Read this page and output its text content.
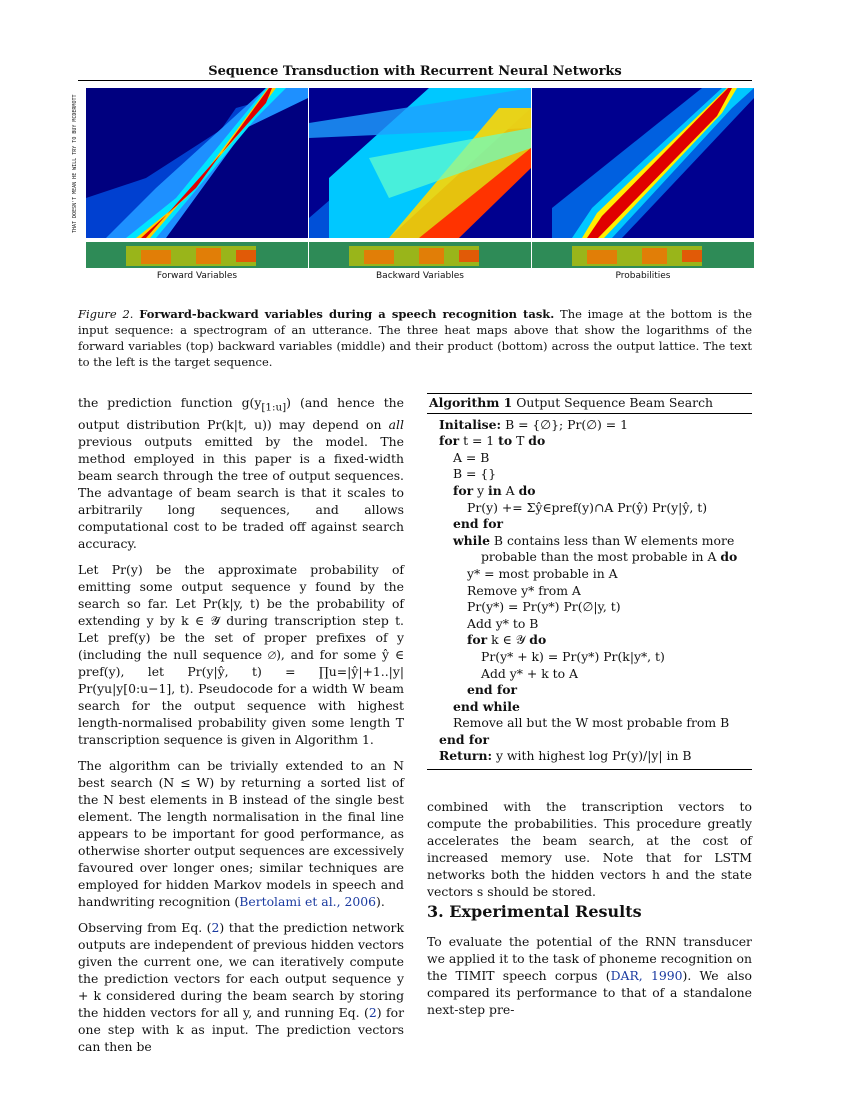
Sequence Transduction with Recurrent Neural Networks
THAT DOESN'T MEAN HE WILL TRY TO BUY MCDERMOTT
Forward Variables	Backward Variables	Probabilities
Figure 2. Forward-backward variables during a speech recognition task. The image at the bottom is the input sequence: a spectrogram of an utterance. The three heat maps above that show the logarithms of the forward variables (top) backward variables (middle) and their product (bottom) across the output lattice. The text to the left is the target sequence.

the prediction function $g(y_{[1:u]})$ (and hence the output distribution Pr(k|t, u)) may depend on all previous outputs emitted by the model. The method employed in this paper is a fixed-width beam search through the tree of output sequences. The advantage of beam search is that it scales to arbitrarily long sequences, and allows computational cost to be traded off against search accuracy.

Let Pr(y) be the approximate probability of emitting some output sequence y found by the search so far. Let Pr(k|y, t) be the probability of extending y by k ∈ 𝒴̄ during transcription step t. Let pref(y) be the set of proper prefixes of y (including the null sequence ∅), and for some ŷ ∈ pref(y), let Pr(y|ŷ, t) = ∏u=|ŷ|+1..|y| Pr(yu|y[0:u−1], t). Pseudocode for a width W beam search for the output sequence with highest length-normalised probability given some length T transcription sequence is given in Algorithm 1.

The algorithm can be trivially extended to an N best search (N ≤ W) by returning a sorted list of the N best elements in B instead of the single best element. The length normalisation in the final line appears to be important for good performance, as otherwise shorter output sequences are excessively favoured over longer ones; similar techniques are employed for hidden Markov models in speech and handwriting recognition (Bertolami et al., 2006).

Observing from Eq. (2) that the prediction network outputs are independent of previous hidden vectors given the current one, we can iteratively compute the prediction vectors for each output sequence y + k considered during the beam search by storing the hidden vectors for all y, and running Eq. (2) for one step with k as input. The prediction vectors can then be

Algorithm 1 Output Sequence Beam Search
Initalise: B = {∅}; Pr(∅) = 1
for t = 1 to T do
A = B
B = {}
for y in A do
Pr(y) += Σŷ∈pref(y)∩A Pr(ŷ) Pr(y|ŷ, t)
end for
while B contains less than W elements more
probable than the most probable in A do
y* = most probable in A
Remove y* from A
Pr(y*) = Pr(y*) Pr(∅|y, t)
Add y* to B
for k ∈ 𝒴 do
Pr(y* + k) = Pr(y*) Pr(k|y*, t)
Add y* + k to A
end for
end while
Remove all but the W most probable from B
end for
Return: y with highest log Pr(y)/|y| in B
combined with the transcription vectors to compute the probabilities. This procedure greatly accelerates the beam search, at the cost of increased memory use. Note that for LSTM networks both the hidden vectors h and the state vectors s should be stored.
3. Experimental Results
To evaluate the potential of the RNN transducer we applied it to the task of phoneme recognition on the TIMIT speech corpus (DAR, 1990). We also compared its performance to that of a standalone next-step pre-
